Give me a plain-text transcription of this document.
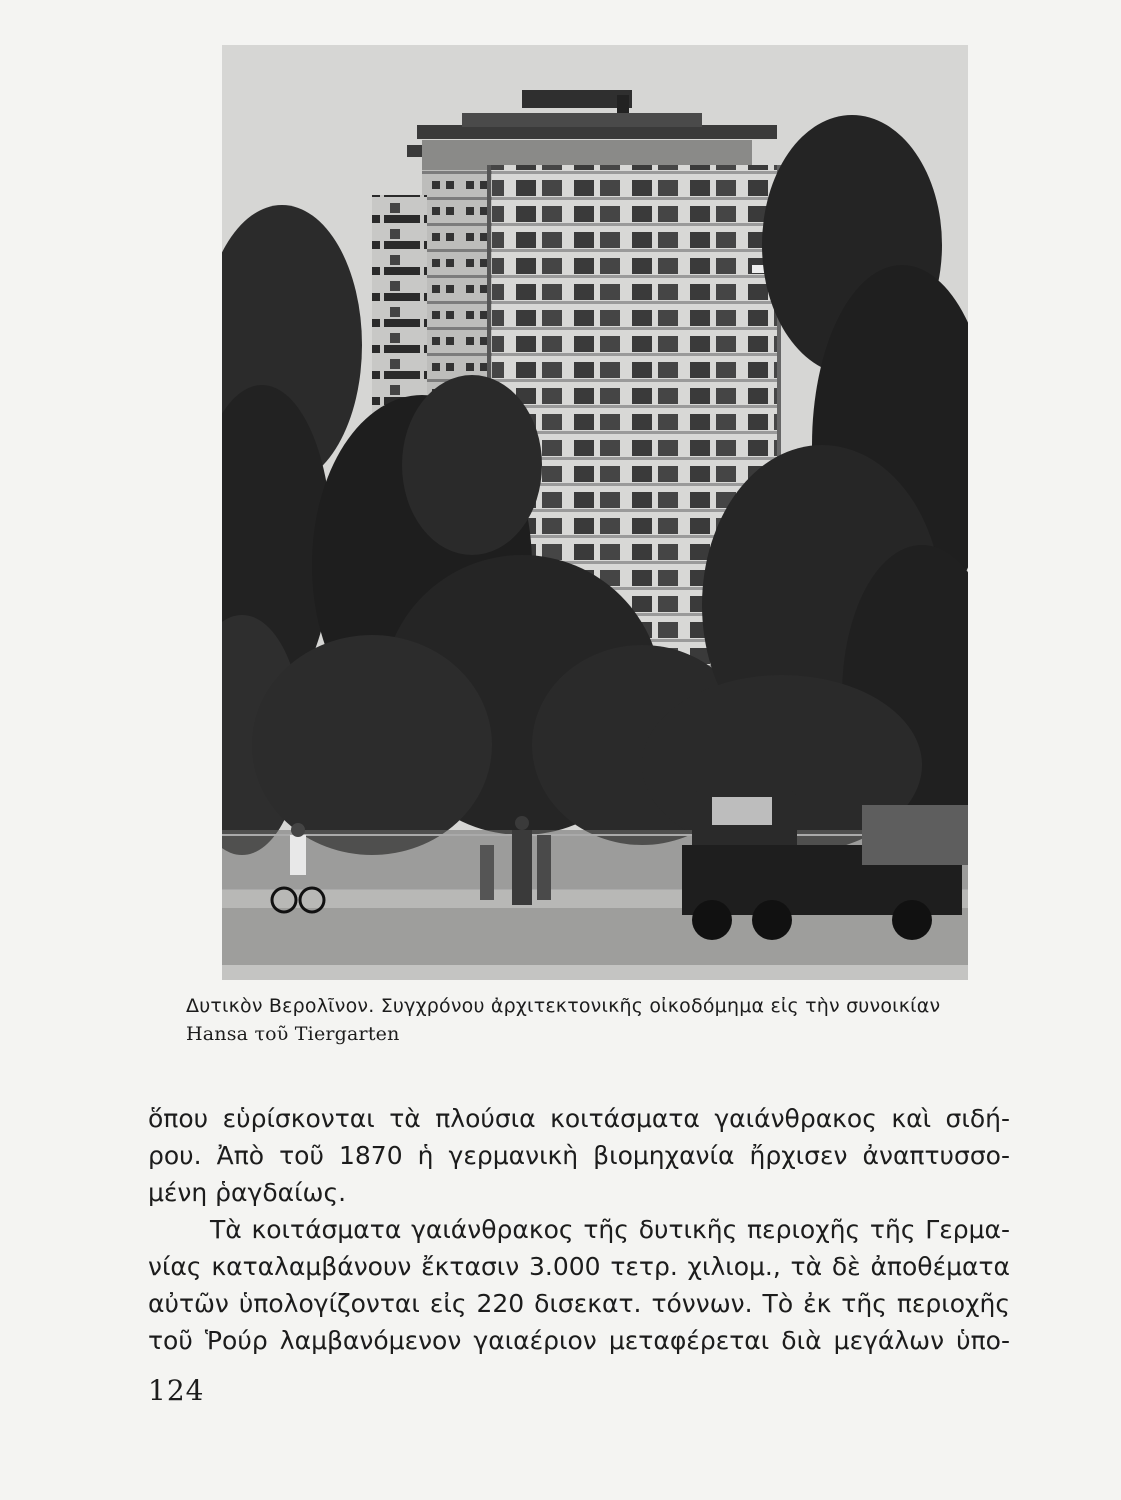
Δυτικὸν Βερολῖνον. Συγχρόνου ἀρχιτεκτονικῆς οἰκοδόμημα εἰς τὴν συνοικίαν
Hansa τοῦ Tiergarten
ὅπου εὑρίσκονται τὰ πλούσια κοιτάσματα γαιάνθρακος καὶ σιδή-
ρου. Ἀπὸ τοῦ 1870 ἡ γερμανικὴ βιομηχανία ἤρχισεν ἀναπτυσσο-
μένη ῥαγδαίως.
Τὰ κοιτάσματα γαιάνθρακος τῆς δυτικῆς περιοχῆς τῆς Γερμα-
νίας καταλαμβάνουν ἔκτασιν 3.000 τετρ. χιλιομ., τὰ δὲ ἀποθέματα
αὐτῶν ὑπολογίζονται εἰς 220 δισεκατ. τόννων. Τὸ ἐκ τῆς περιοχῆς
τοῦ Ῥούρ λαμβανόμενον γαιαέριον μεταφέρεται διὰ μεγάλων ὑπο-
124
